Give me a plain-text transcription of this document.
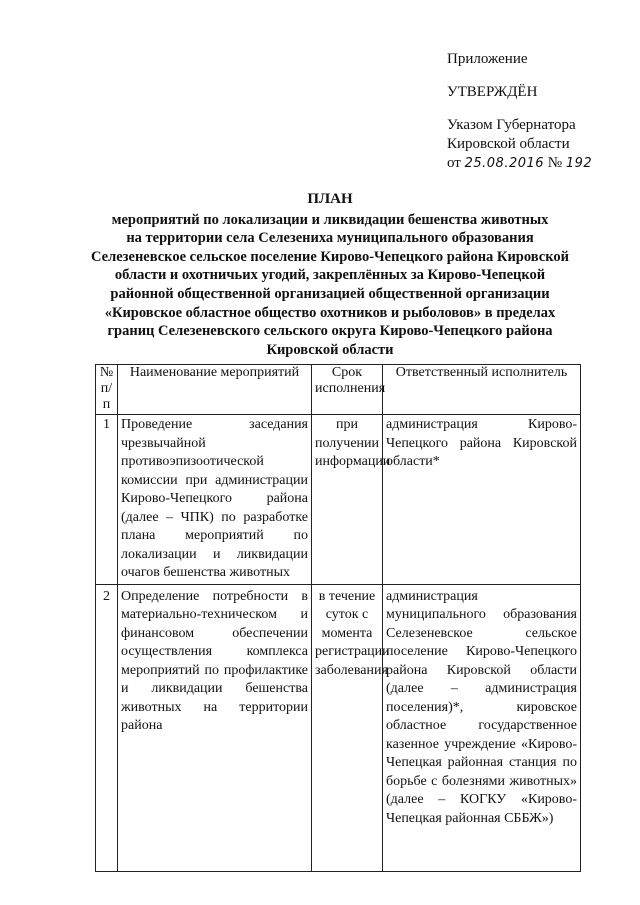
Приложение
УТВЕРЖДЁН
Указом Губернатора
Кировской области
от 25.08.2016 № 192
ПЛАН
мероприятий по локализации и ликвидации бешенства животных
на территории села Селезениха муниципального образования
Селезеневское сельское поселение Кирово-Чепецкого района Кировской
области и охотничьих угодий, закреплённых за Кирово-Чепецкой
районной общественной организацией общественной организации
«Кировское областное общество охотников и рыболовов» в пределах
границ Селезеневского сельского округа Кирово-Чепецкого района
Кировской области
№ п/п	Наименование мероприятий	Срок исполнения	Ответственный исполнитель
1	Проведение заседания чрезвычайной противоэпизоотической комиссии при администрации Кирово-Чепецкого района (далее – ЧПК) по разработке плана мероприятий по локализации и ликвидации очагов бешенства животных	при получении информации	администрация Кирово-Чепецкого района Кировской области*
2	Определение потребности в материально-техническом и финансовом обеспечении осуществления комплекса мероприятий по профилактике и ликвидации бешенства животных на территории района	в течение суток с момента регистрации заболевания	администрация муниципального образования Селезеневское сельское поселение Кирово-Чепецкого района Кировской области (далее – администрация поселения)*, кировское областное государственное казенное учреждение «Кирово-Чепецкая районная станция по борьбе с болезнями животных» (далее – КОГКУ «Кирово-Чепецкая районная СББЖ»)
